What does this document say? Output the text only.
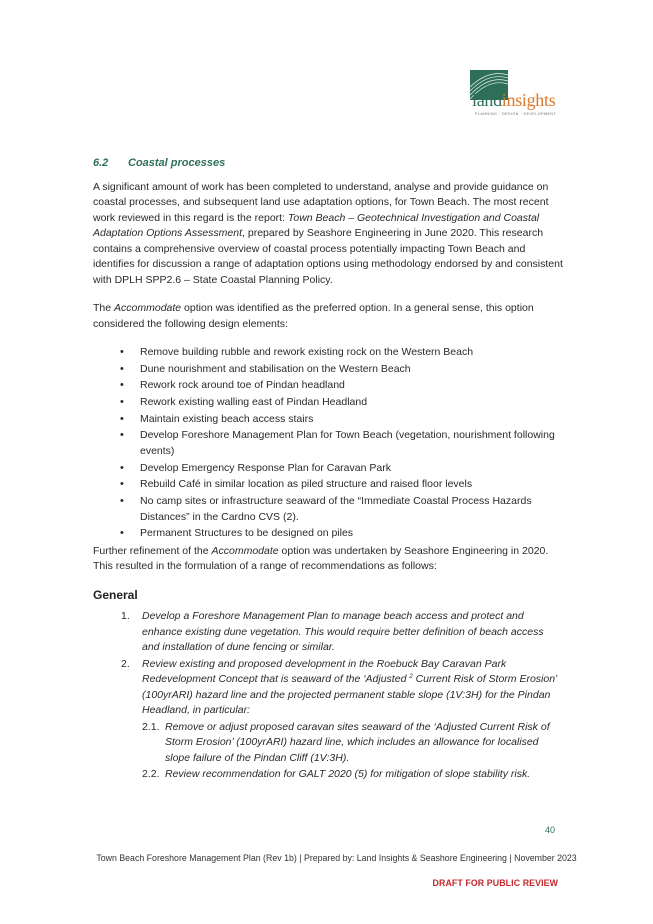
landinsights
PLANNING · DESIGN · DEVELOPMENT
6.2	Coastal processes

A significant amount of work has been completed to understand, analyse and provide guidance on coastal processes, and subsequent land use adaptation options, for Town Beach. The most recent work reviewed in this regard is the report: Town Beach – Geotechnical Investigation and Coastal Adaptation Options Assessment, prepared by Seashore Engineering in June 2020. This research contains a comprehensive overview of coastal process potentially impacting Town Beach and identifies for discussion a range of adaptation options using methodology endorsed by and consistent with DPLH SPP2.6 – State Coastal Planning Policy.

The Accommodate option was identified as the preferred option. In a general sense, this option considered the following design elements:

• Remove building rubble and rework existing rock on the Western Beach
• Dune nourishment and stabilisation on the Western Beach
• Rework rock around toe of Pindan headland
• Rework existing walling east of Pindan Headland
• Maintain existing beach access stairs
• Develop Foreshore Management Plan for Town Beach (vegetation, nourishment following events)
• Develop Emergency Response Plan for Caravan Park
• Rebuild Café in similar location as piled structure and raised floor levels
• No camp sites or infrastructure seaward of the “Immediate Coastal Process Hazards Distances” in the Cardno CVS (2).
• Permanent Structures to be designed on piles

Further refinement of the Accommodate option was undertaken by Seashore Engineering in 2020. This resulted in the formulation of a range of recommendations as follows:

General
1. Develop a Foreshore Management Plan to manage beach access and protect and enhance existing dune vegetation. This would require better definition of beach access and installation of dune fencing or similar.
2. Review existing and proposed development in the Roebuck Bay Caravan Park Redevelopment Concept that is seaward of the ‘Adjusted $^2$ Current Risk of Storm Erosion’ (100yrARI) hazard line and the projected permanent stable slope (1V:3H) for the Pindan Headland, in particular:
2.1. Remove or adjust proposed caravan sites seaward of the ‘Adjusted Current Risk of Storm Erosion’ (100yrARI) hazard line, which includes an allowance for localised slope failure of the Pindan Cliff (1V:3H).
2.2. Review recommendation for GALT 2020 (5) for mitigation of slope stability risk.
40
Town Beach Foreshore Management Plan (Rev 1b) | Prepared by: Land Insights & Seashore Engineering | November 2023
DRAFT FOR PUBLIC REVIEW
